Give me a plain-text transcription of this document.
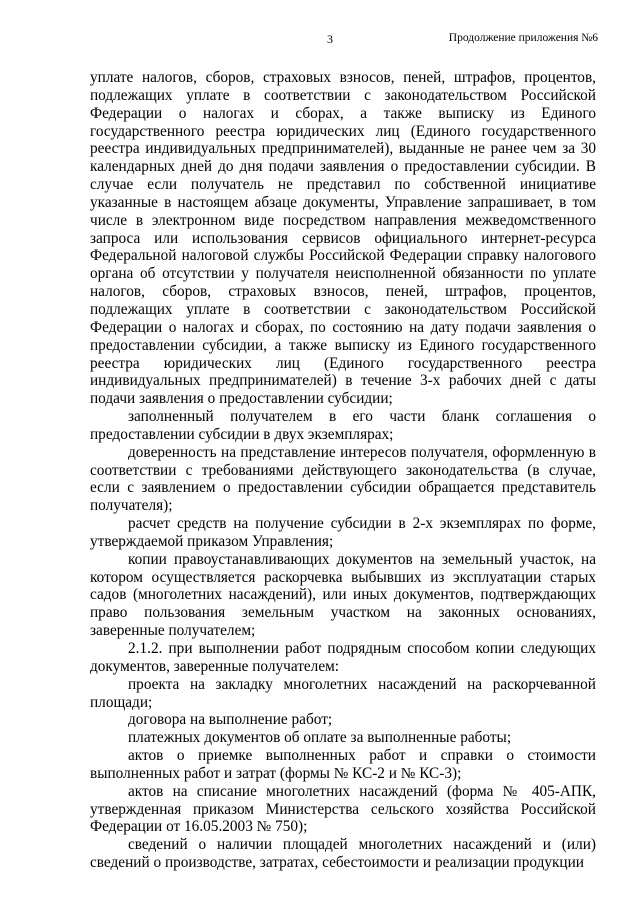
3	Продолжение приложения №6

уплате налогов, сборов, страховых взносов, пеней, штрафов, процентов, подлежащих уплате в соответствии с законодательством Российской Федерации о налогах и сборах, а также выписку из Единого государственного реестра юридических лиц (Единого государственного реестра индивидуальных предпринимателей), выданные не ранее чем за 30 календарных дней до дня подачи заявления о предоставлении субсидии. В случае если получатель не представил по собственной инициативе указанные в настоящем абзаце документы, Управление запрашивает, в том числе в электронном виде посредством направления межведомственного запроса или использования сервисов официального интернет-ресурса Федеральной налоговой службы Российской Федерации справку налогового органа об отсутствии у получателя неисполненной обязанности по уплате налогов, сборов, страховых взносов, пеней, штрафов, процентов, подлежащих уплате в соответствии с законодательством Российской Федерации о налогах и сборах, по состоянию на дату подачи заявления о предоставлении субсидии, а также выписку из Единого государственного реестра юридических лиц (Единого государственного реестра индивидуальных предпринимателей) в течение 3-х рабочих дней с даты подачи заявления о предоставлении субсидии;

заполненный получателем в его части бланк соглашения о предоставлении субсидии в двух экземплярах;

доверенность на представление интересов получателя, оформленную в соответствии с требованиями действующего законодательства (в случае, если с заявлением о предоставлении субсидии обращается представитель получателя);

расчет средств на получение субсидии в 2-х экземплярах по форме, утверждаемой приказом Управления;

копии правоустанавливающих документов на земельный участок, на котором осуществляется раскорчевка выбывших из эксплуатации старых садов (многолетних насаждений), или иных документов, подтверждающих право пользования земельным участком на законных основаниях, заверенные получателем;

2.1.2. при выполнении работ подрядным способом копии следующих документов, заверенные получателем:

проекта на закладку многолетних насаждений на раскорчеванной площади;

договора на выполнение работ;

платежных документов об оплате за выполненные работы;

актов о приемке выполненных работ и справки о стоимости выполненных работ и затрат (формы № КС-2 и № КС-3);

актов на списание многолетних насаждений (форма № 405-АПК, утвержденная приказом Министерства сельского хозяйства Российской Федерации от 16.05.2003 № 750);

сведений о наличии площадей многолетних насаждений и (или) сведений о производстве, затратах, себестоимости и реализации продукции
